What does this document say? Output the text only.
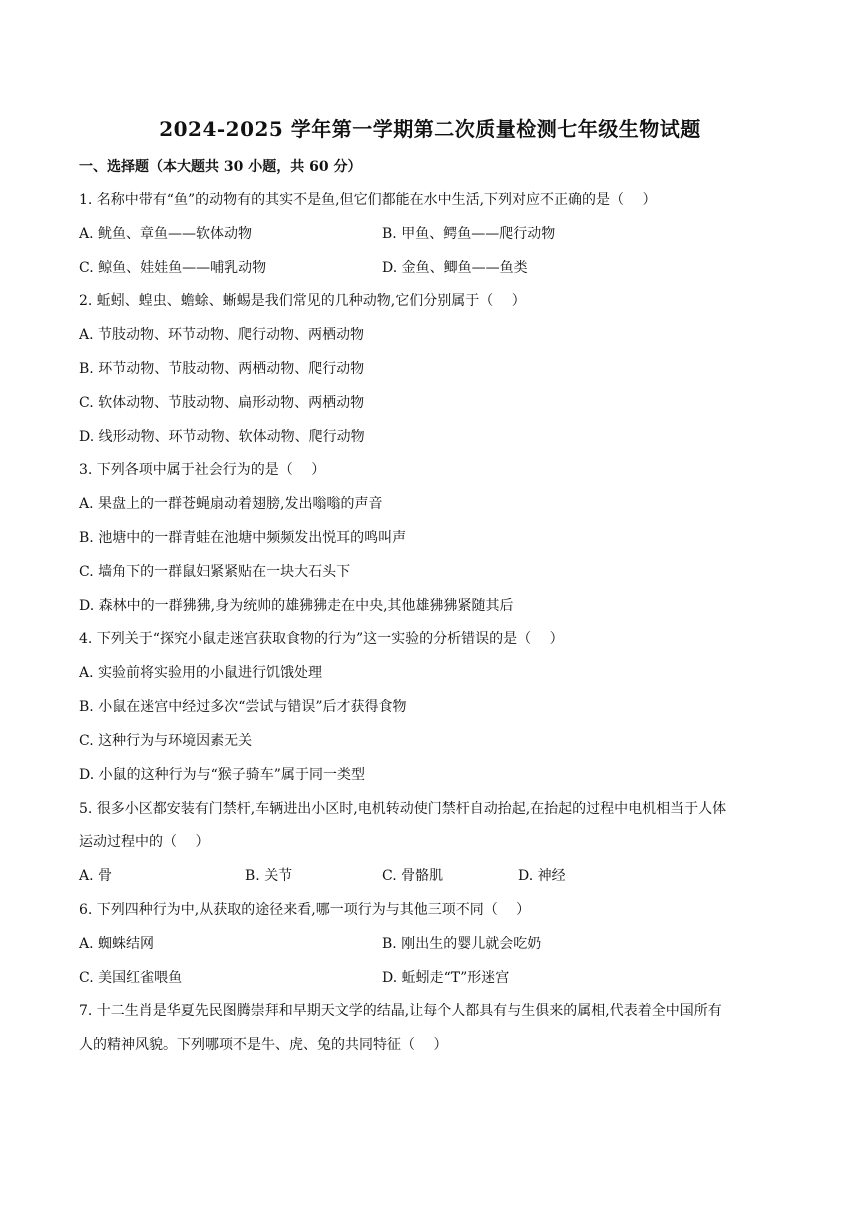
2024-2025 学年第一学期第二次质量检测七年级生物试题
一、选择题（本大题共 30 小题，共 60 分）
1. 名称中带有“鱼”的动物有的其实不是鱼,但它们都能在水中生活,下列对应不正确的是（　 ）
A. 鱿鱼、章鱼——软体动物	B. 甲鱼、鳄鱼——爬行动物
C. 鲸鱼、娃娃鱼——哺乳动物	D. 金鱼、鲫鱼——鱼类
2. 蚯蚓、蝗虫、蟾蜍、蜥蜴是我们常见的几种动物,它们分别属于（　 ）
A. 节肢动物、环节动物、爬行动物、两栖动物
B. 环节动物、节肢动物、两栖动物、爬行动物
C. 软体动物、节肢动物、扁形动物、两栖动物
D. 线形动物、环节动物、软体动物、爬行动物
3. 下列各项中属于社会行为的是（　 ）
A. 果盘上的一群苍蝇扇动着翅膀,发出嗡嗡的声音
B. 池塘中的一群青蛙在池塘中频频发出悦耳的鸣叫声
C. 墙角下的一群鼠妇紧紧贴在一块大石头下
D. 森林中的一群狒狒,身为统帅的雄狒狒走在中央,其他雄狒狒紧随其后
4. 下列关于“探究小鼠走迷宫获取食物的行为”这一实验的分析错误的是（　 ）
A. 实验前将实验用的小鼠进行饥饿处理
B. 小鼠在迷宫中经过多次“尝试与错误”后才获得食物
C. 这种行为与环境因素无关
D. 小鼠的这种行为与“猴子骑车”属于同一类型
5. 很多小区都安装有门禁杆,车辆进出小区时,电机转动使门禁杆自动抬起,在抬起的过程中电机相当于人体
运动过程中的（　 ）
A. 骨	B. 关节	C. 骨骼肌	D. 神经
6. 下列四种行为中,从获取的途径来看,哪一项行为与其他三项不同（　 ）
A. 蜘蛛结网	B. 刚出生的婴儿就会吃奶
C. 美国红雀喂鱼	D. 蚯蚓走“T”形迷宫
7. 十二生肖是华夏先民图腾崇拜和早期天文学的结晶,让每个人都具有与生俱来的属相,代表着全中国所有
人的精神风貌。下列哪项不是牛、虎、兔的共同特征（　 ）
